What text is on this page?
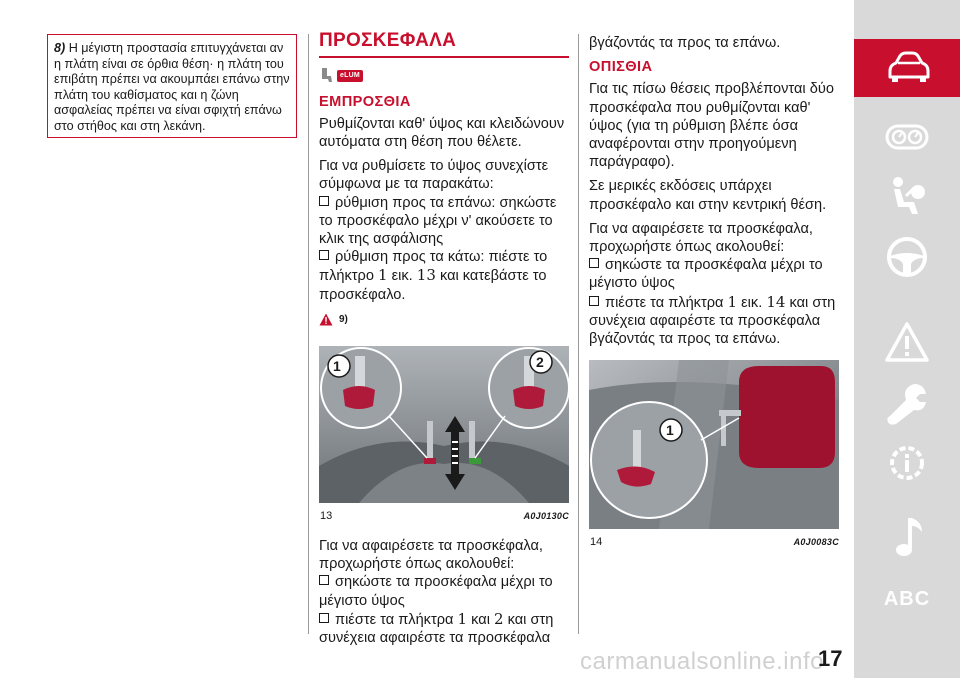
8) Η μέγιστη προστασία επιτυγχάνεται αν η πλάτη είναι σε όρθια θέση· η πλάτη του επιβάτη πρέπει να ακουμπάει επάνω στην πλάτη του καθίσματος και η ζώνη ασφαλείας πρέπει να είναι σφιχτή επάνω στο στήθος και στη λεκάνη.
ΠΡΟΣΚΕΦΑΛΑ
eLUM
ΕΜΠΡΟΣΘΙΑ

Ρυθμίζονται καθ' ύψος και κλειδώνουν αυτόματα στη θέση που θέλετε.

Για να ρυθμίσετε το ύψος συνεχίστε σύμφωνα με τα παρακάτω:

ρύθμιση προς τα επάνω: σηκώστε το προσκέφαλο μέχρι ν' ακούσετε το κλικ της ασφάλισης
ρύθμιση προς τα κάτω: πιέστε το πλήκτρο 1 εικ. 13 και κατεβάστε το προσκέφαλο.
9)
1	2
13	A0J0130C

Για να αφαιρέσετε τα προσκέφαλα, προχωρήστε όπως ακολουθεί:

σηκώστε τα προσκέφαλα μέχρι το μέγιστο ύψος
πιέστε τα πλήκτρα 1 και 2 και στη συνέχεια αφαιρέστε τα προσκέφαλα

βγάζοντάς τα προς τα επάνω.

ΟΠΙΣΘΙΑ

Για τις πίσω θέσεις προβλέπονται δύο προσκέφαλα που ρυθμίζονται καθ' ύψος (για τη ρύθμιση βλέπε όσα αναφέρονται στην προηγούμενη παράγραφο).

Σε μερικές εκδόσεις υπάρχει προσκέφαλο και στην κεντρική θέση.

Για να αφαιρέσετε τα προσκέφαλα, προχωρήστε όπως ακολουθεί:

σηκώστε τα προσκέφαλα μέχρι το μέγιστο ύψος
πιέστε τα πλήκτρα 1 εικ. 14 και στη συνέχεια αφαιρέστε τα προσκέφαλα βγάζοντάς τα προς τα επάνω.
1
14	A0J0083C
ABC
carmanualsonline.info
17
